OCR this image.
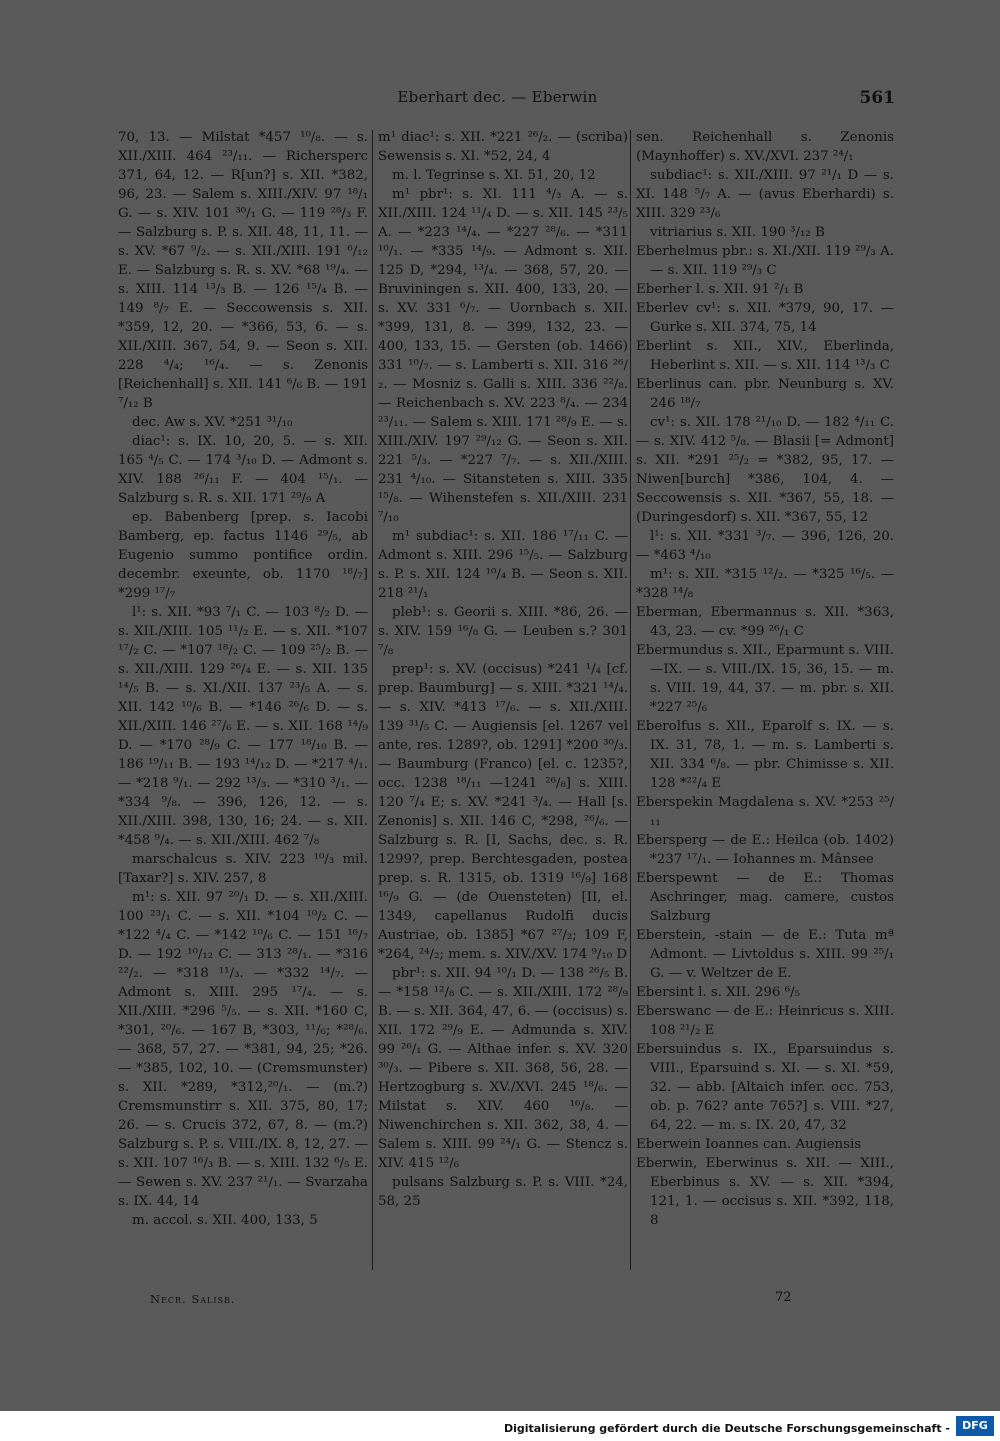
Eberhart dec. — Eberwin	561

70, 13. — Milstat *457 ¹⁰/₈. — s. XII./XIII. 464 ²³/₁₁. — Richersperc 371, 64, 12. — R[un?] s. XII. *382, 96, 23. — Salem s. XIII./XIV. 97 ¹⁸/₁ G. — s. XIV. 101 ³⁰/₁ G. — 119 ²⁸/₃ F. — Salzburg s. P. s. XII. 48, 11, 11. — s. XV. *67 ⁹/₂. — s. XII./XIII. 191 ⁶/₁₂ E. — Salzburg s. R. s. XV. *68 ¹⁹/₄. — s. XIII. 114 ¹³/₃ B. — 126 ¹⁵/₄ B. — 149 ⁸/₇ E. — Seccowensis s. XII. *359, 12, 20. — *366, 53, 6. — s. XII./XIII. 367, 54, 9. — Seon s. XII. 228 ⁴/₄; ¹⁶/₄. — s. Zenonis [Reichenhall] s. XII. 141 ⁶/₆ B. — 191 ⁷/₁₂ B

dec. Aw s. XV. *251 ³¹/₁₀

diac¹: s. IX. 10, 20, 5. — s. XII. 165 ⁴/₅ C. — 174 ³/₁₀ D. — Admont s. XIV. 188 ²⁶/₁₁ F. — 404 ¹⁵/₁. — Salzburg s. R. s. XII. 171 ²⁹/₉ A

ep. Babenberg [prep. s. Iacobi Bamberg, ep. factus 1146 ²⁹/₅, ab Eugenio summo pontifice ordin. decembr. exeunte, ob. 1170 ¹⁸/₇] *299 ¹⁷/₇

l¹: s. XII. *93 ⁷/₁ C. — 103 ⁸/₂ D. — s. XII./XIII. 105 ¹¹/₂ E. — s. XII. *107 ¹⁷/₂ C. — *107 ¹⁸/₂ C. — 109 ²⁵/₂ B. — s. XII./XIII. 129 ²⁶/₄ E. — s. XII. 135 ¹⁴/₅ B. — s. XI./XII. 137 ²³/₅ A. — s. XII. 142 ¹⁰/₆ B. — *146 ²⁶/₆ D. — s. XII./XIII. 146 ²⁷/₆ E. — s. XII. 168 ¹⁴/₉ D. — *170 ²⁸/₉ C. — 177 ¹⁸/₁₀ B. — 186 ¹⁹/₁₁ B. — 193 ¹⁴/₁₂ D. — *217 ⁴/₁. — *218 ⁹/₁. — 292 ¹³/₃. — *310 ³/₁. — *334 ⁹/₈. — 396, 126, 12. — s. XII./XIII. 398, 130, 16; 24. — s. XII. *458 ⁹/₄. — s. XII./XIII. 462 ⁷/₈

marschalcus s. XIV. 223 ¹⁰/₃ mil. [Taxar?] s. XIV. 257, 8

m¹: s. XII. 97 ²⁰/₁ D. — s. XII./XIII. 100 ²³/₁ C. — s. XII. *104 ¹⁰/₂ C. — *122 ⁴/₄ C. — *142 ¹⁰/₆ C. — 151 ¹⁶/₇ D. — 192 ¹⁰/₁₂ C. — 313 ²⁸/₁. — *316 ²²/₂. — *318 ¹¹/₃. — *332 ¹⁴/₇. — Admont s. XIII. 295 ¹⁷/₄. — s. XII./XIII. *296 ⁵/₅. — s. XII. *160 C, *301, ²⁰/₆. — 167 B, *303, ¹¹/₆; *²⁸/₆. — 368, 57, 27. — *381, 94, 25; *26. — *385, 102, 10. — (Cremsmunster) s. XII. *289, *312,²⁰/₁. — (m.?) Cremsmunstirr s. XII. 375, 80, 17; 26. — s. Crucis 372, 67, 8. — (m.?) Salzburg s. P. s. VIII./IX. 8, 12, 27. — s. XII. 107 ¹⁶/₃ B. — s. XIII. 132 ⁶/₅ E. — Sewen s. XV. 237 ²¹/₁. — Svarzaha s. IX. 44, 14

m. accol. s. XII. 400, 133, 5

m¹ diac¹: s. XII. *221 ²⁶/₂. — (scriba) Sewensis s. XI. *52, 24, 4

m. l. Tegrinse s. XI. 51, 20, 12

m¹ pbr¹: s. XI. 111 ⁴/₃ A. — s. XII./XIII. 124 ¹¹/₄ D. — s. XII. 145 ²³/₅ A. — *223 ¹⁴/₄. — *227 ²⁸/₆. — *311 ¹⁰/₁. — *335 ¹⁴/₉. — Admont s. XII. 125 D, *294, ¹³/₄. — 368, 57, 20. — Bruviningen s. XII. 400, 133, 20. — s. XV. 331 ⁶/₇. — Uornbach s. XII. *399, 131, 8. — 399, 132, 23. — 400, 133, 15. — Gersten (ob. 1466) 331 ¹⁰/₇. — s. Lamberti s. XII. 316 ²⁶/₂. — Mosniz s. Galli s. XIII. 336 ²²/₈. — Reichenbach s. XV. 223 ⁸/₄. — 234 ²³/₁₁. — Salem s. XIII. 171 ²⁸/₉ E. — s. XIII./XIV. 197 ²⁹/₁₂ G. — Seon s. XII. 221 ⁵/₃. — *227 ⁷/₇. — s. XII./XIII. 231 ⁴/₁₀. — Sitansteten s. XIII. 335 ¹⁵/₈. — Wihenstefen s. XII./XIII. 231 ⁷/₁₀

m¹ subdiac¹: s. XII. 186 ¹⁷/₁₁ C. — Admont s. XIII. 296 ¹⁵/₅. — Salzburg s. P. s. XII. 124 ¹⁰/₄ B. — Seon s. XII. 218 ²¹/₁

pleb¹: s. Georii s. XIII. *86, 26. — s. XIV. 159 ¹⁶/₈ G. — Leuben s.? 301 ⁷/₈

prep¹: s. XV. (occisus) *241 ¹/₄ [cf. prep. Baumburg] — s. XIII. *321 ¹⁴/₄. — s. XIV. *413 ¹⁷/₆. — s. XII./XIII. 139 ³¹/₅ C. — Augiensis [el. 1267 vel ante, res. 1289?, ob. 1291] *200 ³⁰/₃. — Baumburg (Franco) [el. c. 1235?, occ. 1238 ¹⁸/₁₁ —1241 ²⁶/₈] s. XIII. 120 ⁷/₄ E; s. XV. *241 ³/₄. — Hall [s. Zenonis] s. XII. 146 C, *298, ²⁶/₆. — Salzburg s. R. [I, Sachs, dec. s. R. 1299?, prep. Berchtesgaden, postea prep. s. R. 1315, ob. 1319 ¹⁶/₉] 168 ¹⁶/₉ G. — (de Ouensteten) [II, el. 1349, capellanus Rudolfi ducis Austriae, ob. 1385] *67 ²⁷/₂; 109 F, *264, ²⁴/₂; mem. s. XIV./XV. 174 ⁹/₁₀ D

pbr¹: s. XII. 94 ¹⁰/₁ D. — 138 ²⁶/₅ B. — *158 ¹²/₈ C. — s. XII./XIII. 172 ²⁸/₉ B. — s. XII. 364, 47, 6. — (occisus) s. XII. 172 ²⁹/₉ E. — Admunda s. XIV. 99 ²⁶/₁ G. — Althae infer. s. XV. 320 ³⁰/₃. — Pibere s. XII. 368, 56, 28. — Hertzogburg s. XV./XVI. 245 ¹⁸/₆. — Milstat s. XIV. 460 ¹⁶/₈. — Niwenchirchen s. XII. 362, 38, 4. — Salem s. XIII. 99 ²⁴/₁ G. — Stencz s. XIV. 415 ¹²/₆

pulsans Salzburg s. P. s. VIII. *24, 58, 25

sen. Reichenhall s. Zenonis (Maynhoffer) s. XV./XVI. 237 ²⁴/₁

subdiac¹: s. XII./XIII. 97 ²¹/₁ D — s. XI. 148 ⁵/₇ A. — (avus Eberhardi) s. XIII. 329 ²³/₆

vitriarius s. XII. 190 ³/₁₂ B

Eberhelmus pbr.: s. XI./XII. 119 ²⁹/₃ A. — s. XII. 119 ²⁹/₃ C

Eberher l. s. XII. 91 ²/₁ B

Eberlev cv¹: s. XII. *379, 90, 17. — Gurke s. XII. 374, 75, 14

Eberlint s. XII., XIV., Eberlinda, Heberlint s. XII. — s. XII. 114 ¹³/₃ C

Eberlinus can. pbr. Neunburg s. XV. 246 ¹⁸/₇

cv¹: s. XII. 178 ²¹/₁₀ D. — 182 ⁴/₁₁ C. — s. XIV. 412 ⁵/₈. — Blasii [= Admont] s. XII. *291 ²⁵/₂ = *382, 95, 17. — Niwen[burch] *386, 104, 4. — Seccowensis s. XII. *367, 55, 18. — (Duringesdorf) s. XII. *367, 55, 12

l¹: s. XII. *331 ³/₇. — 396, 126, 20. — *463 ⁴/₁₀

m¹: s. XII. *315 ¹²/₂. — *325 ¹⁶/₅. — *328 ¹⁴/₈

Eberman, Ebermannus s. XII. *363, 43, 23. — cv. *99 ²⁶/₁ C

Ebermundus s. XII., Eparmunt s. VIII.—IX. — s. VIII./IX. 15, 36, 15. — m. s. VIII. 19, 44, 37. — m. pbr. s. XII. *227 ²⁵/₆

Eberolfus s. XII., Eparolf s. IX. — s. IX. 31, 78, 1. — m. s. Lamberti s. XII. 334 ⁶/₈. — pbr. Chimisse s. XII. 128 *²²/₄ E

Eberspekin Magdalena s. XV. *253 ²⁵/₁₁

Ebersperg — de E.: Heilca (ob. 1402) *237 ¹⁷/₁. — Iohannes m. Mânsee

Eberspewnt — de E.: Thomas Aschringer, mag. camere, custos Salzburg

Eberstein, -stain — de E.: Tuta mª Admont. — Livtoldus s. XIII. 99 ²⁵/₁ G. — v. Weltzer de E.

Ebersint l. s. XII. 296 ⁶/₅

Eberswanc — de E.: Heinricus s. XIII. 108 ²¹/₂ E

Ebersuindus s. IX., Eparsuindus s. VIII., Eparsuind s. XI. — s. XI. *59, 32. — abb. [Altaich infer. occ. 753, ob. p. 762? ante 765?] s. VIII. *27, 64, 22. — m. s. IX. 20, 47, 32

Eberwein Ioannes can. Augiensis

Eberwin, Eberwinus s. XII. — XIII., Eberbinus s. XV. — s. XII. *394, 121, 1. — occisus s. XII. *392, 118, 8

Necr. Salisb.	72
Digitalisierung gefördert durch die Deutsche Forschungsgemeinschaft -	DFG
